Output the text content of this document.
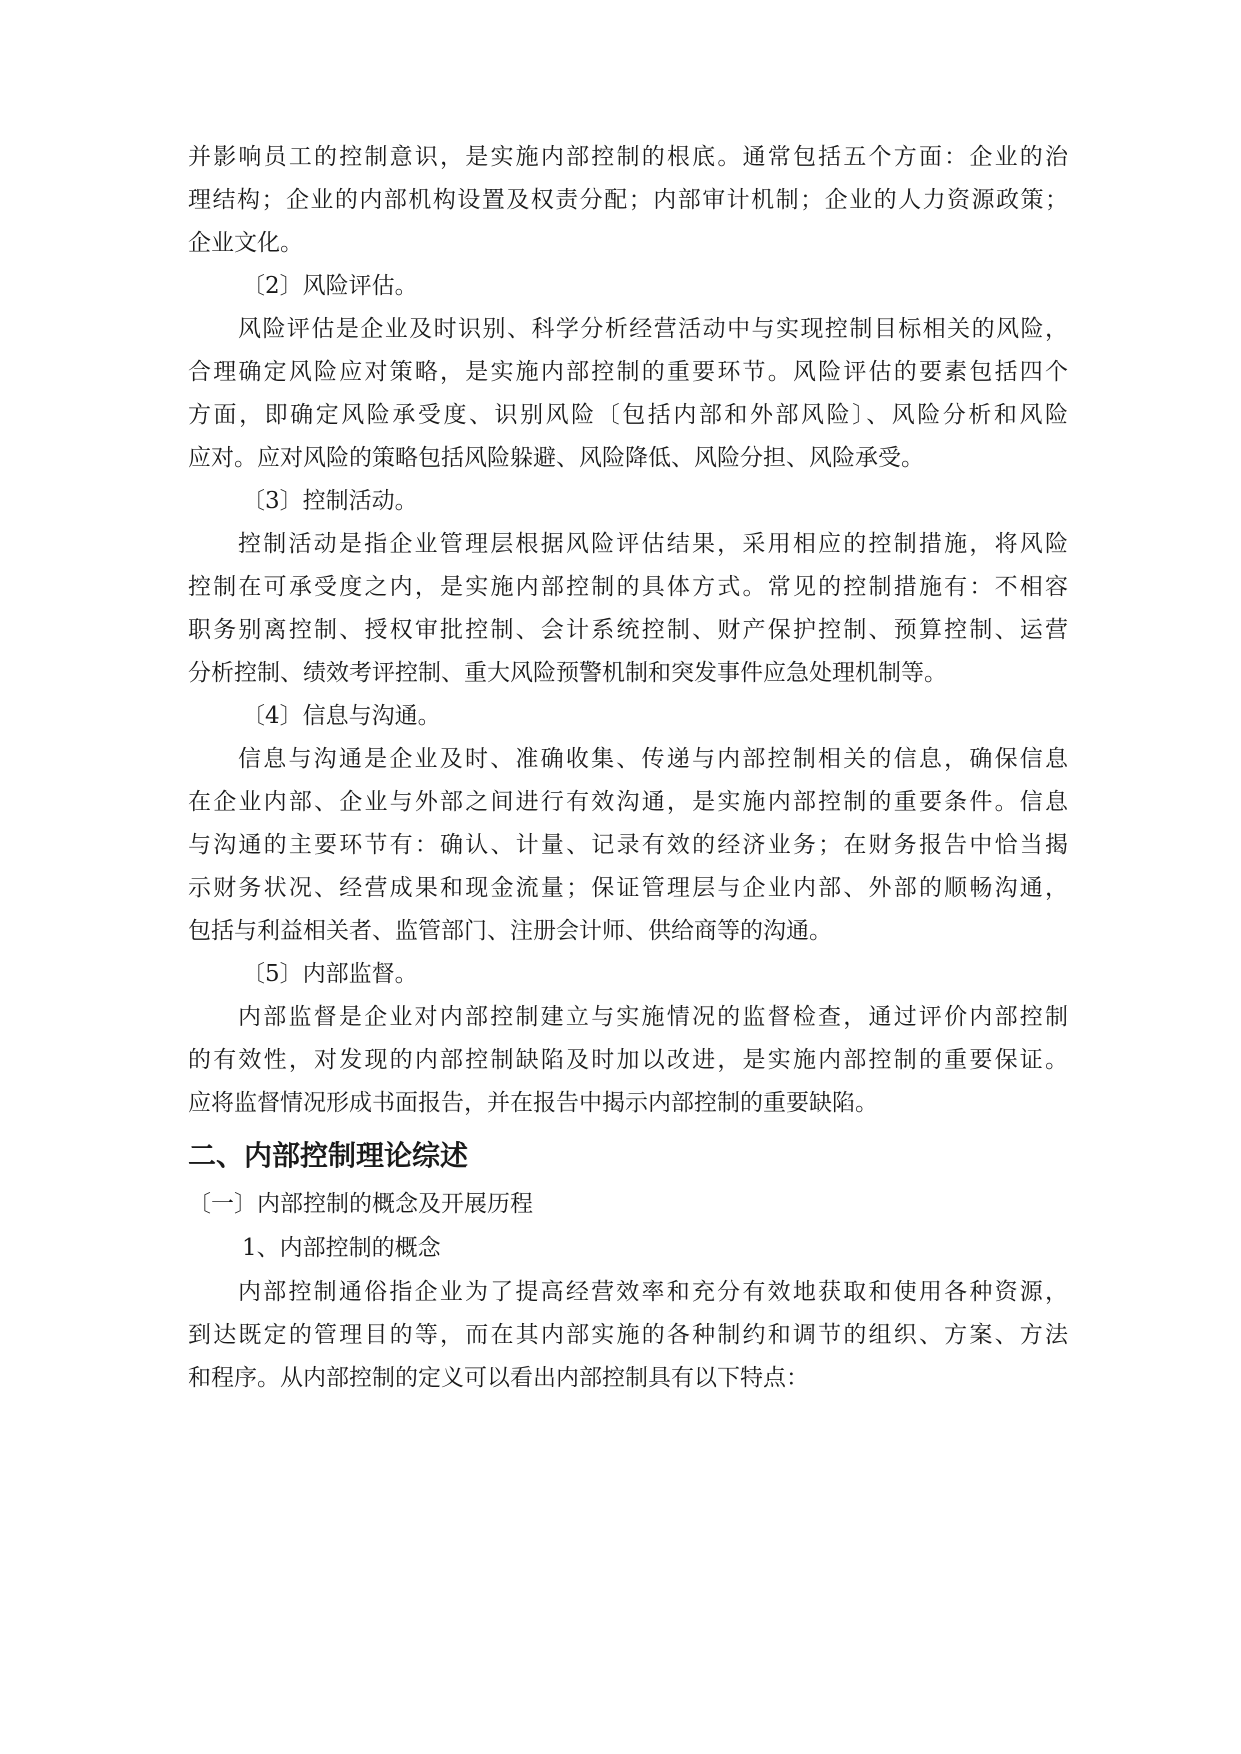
并影响员工的控制意识，是实施内部控制的根底。通常包括五个方面：企业的治
理结构；企业的内部机构设置及权责分配；内部审计机制；企业的人力资源政策；
企业文化。
〔2〕风险评估。
风险评估是企业及时识别、科学分析经营活动中与实现控制目标相关的风险，
合理确定风险应对策略，是实施内部控制的重要环节。风险评估的要素包括四个
方面，即确定风险承受度、识别风险〔包括内部和外部风险〕、风险分析和风险
应对。应对风险的策略包括风险躲避、风险降低、风险分担、风险承受。
〔3〕控制活动。
控制活动是指企业管理层根据风险评估结果，采用相应的控制措施，将风险
控制在可承受度之内，是实施内部控制的具体方式。常见的控制措施有：不相容
职务别离控制、授权审批控制、会计系统控制、财产保护控制、预算控制、运营
分析控制、绩效考评控制、重大风险预警机制和突发事件应急处理机制等。
〔4〕信息与沟通。
信息与沟通是企业及时、准确收集、传递与内部控制相关的信息，确保信息
在企业内部、企业与外部之间进行有效沟通，是实施内部控制的重要条件。信息
与沟通的主要环节有：确认、计量、记录有效的经济业务；在财务报告中恰当揭
示财务状况、经营成果和现金流量；保证管理层与企业内部、外部的顺畅沟通，
包括与利益相关者、监管部门、注册会计师、供给商等的沟通。
〔5〕内部监督。
内部监督是企业对内部控制建立与实施情况的监督检查，通过评价内部控制
的有效性，对发现的内部控制缺陷及时加以改进，是实施内部控制的重要保证。
应将监督情况形成书面报告，并在报告中揭示内部控制的重要缺陷。
二、内部控制理论综述
〔一〕内部控制的概念及开展历程
1、内部控制的概念
内部控制通俗指企业为了提高经营效率和充分有效地获取和使用各种资源，
到达既定的管理目的等，而在其内部实施的各种制约和调节的组织、方案、方法
和程序。从内部控制的定义可以看出内部控制具有以下特点：
